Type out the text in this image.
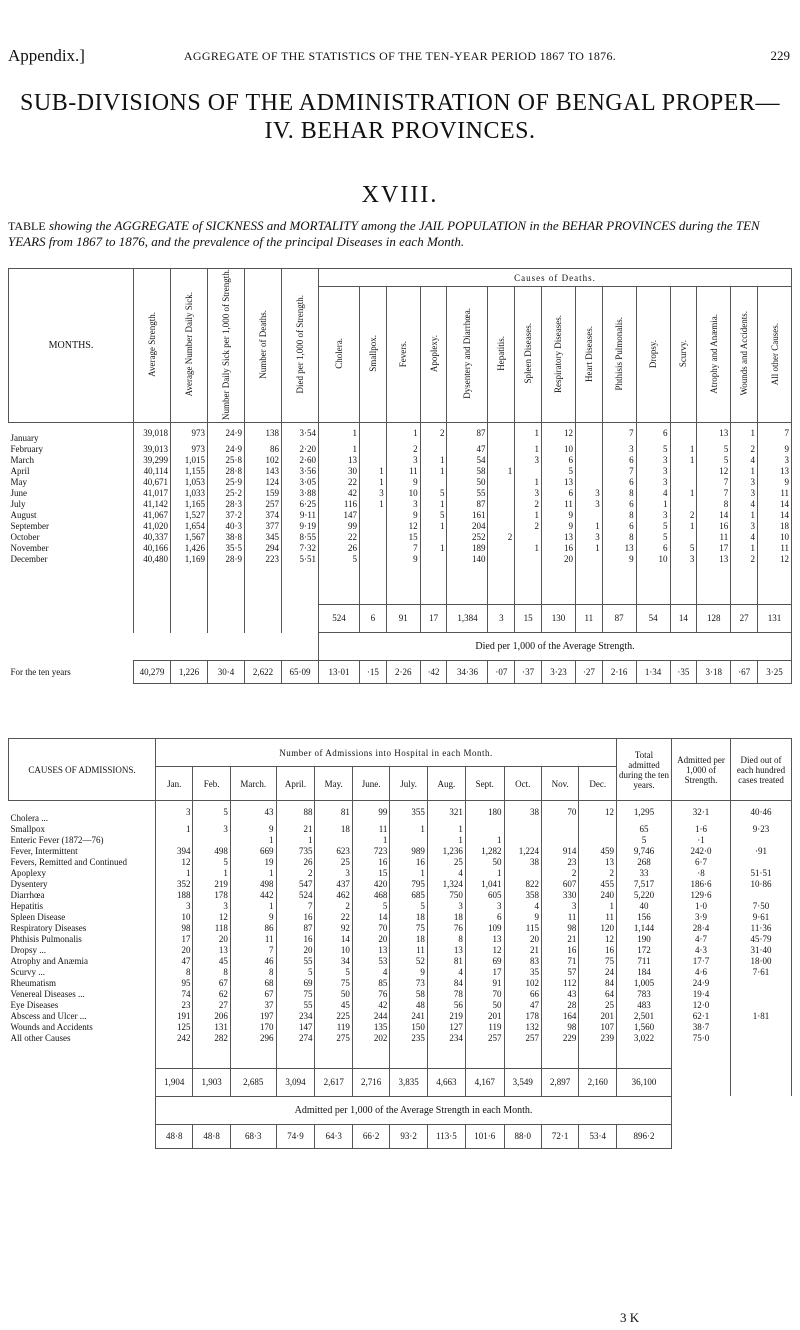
Appendix.]	AGGREGATE OF THE STATISTICS OF THE TEN-YEAR PERIOD 1867 TO 1876.	229
SUB-DIVISIONS OF THE ADMINISTRATION OF BENGAL PROPER—
IV. BEHAR PROVINCES.
XVIII.
TABLE showing the AGGREGATE of SICKNESS and MORTALITY among the JAIL POPULATION in the BEHAR PROVINCES during the TEN YEARS from 1867 to 1876, and the prevalence of the principal Diseases in each Month.
MONTHS.	Average Strength.	Average Number Daily Sick.	Number Daily Sick per 1,000 of Strength.	Number of Deaths.	Died per 1,000 of Strength.	Causes of Deaths.														
						Cholera.	Smallpox.	Fevers.	Apoplexy.	Dysentery and Diarrhœa.	Hepatitis.	Spleen Diseases.	Respiratory Diseases.	Heart Diseases.	Phthisis Pulmonalis.	Dropsy.	Scurvy.	Atrophy and Anæmia.	Wounds and Accidents.	All other Causes.
January	39,018	973	24·9	138	3·54	1		1	2	87		1	12		7	6		13	1	7
February	39,013	973	24·9	86	2·20	1		2		47		1	10		3	5	1	5	2	9
March	39,299	1,015	25·8	102	2·60	13		3	1	54		3	6		6	3	1	5	4	3
April	40,114	1,155	28·8	143	3·56	30	1	11	1	58	1		5		7	3		12	1	13
May	40,671	1,053	25·9	124	3·05	22	1	9		50		1	13		6	3		7	3	9
June	41,017	1,033	25·2	159	3·88	42	3	10	5	55		3	6	3	8	4	1	7	3	11
July	41,142	1,165	28·3	257	6·25	116	1	3	1	87		2	11	3	6	1		8	4	14
August	41,067	1,527	37·2	374	9·11	147		9	5	161		1	9		8	3	2	14	1	14
September	41,020	1,654	40·3	377	9·19	99		12	1	204		2	9	1	6	5	1	16	3	18
October	40,337	1,567	38·8	345	8·55	22		15		252	2		13	3	8	5		11	4	10
November	40,166	1,426	35·5	294	7·32	26		7	1	189		1	16	1	13	6	5	17	1	11
December	40,480	1,169	28·9	223	5·51	5		9		140			20		9	10	3	13	2	12

						524	6	91	17	1,384	3	15	130	11	87	54	14	128	27	131
						Died per 1,000 of the Average Strength.														
For the ten years	40,279	1,226	30·4	2,622	65·09	13·01	·15	2·26	·42	34·36	·07	·37	3·23	·27	2·16	1·34	·35	3·18	·67	3·25
CAUSES OF ADMISSIONS.	Number of Admissions into Hospital in each Month.												Total admitted during the ten years.	Admitted per 1,000 of Strength.	Died out of each hundred cases treated
	Jan.	Feb.	March.	April.	May.	June.	July.	Aug.	Sept.	Oct.	Nov.	Dec.			
Cholera ...	3	5	43	88	81	99	355	321	180	38	70	12	1,295	32·1	40·46
Smallpox	1	3	9	21	18	11	1	1					65	1·6	9·23
Enteric Fever (1872—76)			1	1		1		1	1				5	·1	
Fever, Intermittent	394	498	669	735	623	723	989	1,236	1,282	1,224	914	459	9,746	242·0	·91
Fevers, Remitted and Continued	12	5	19	26	25	16	16	25	50	38	23	13	268	6·7	
Apoplexy	1	1	1	2	3	15	1	4	1		2	2	33	·8	51·51
Dysentery	352	219	498	547	437	420	795	1,324	1,041	822	607	455	7,517	186·6	10·86
Diarrhœa	188	178	442	524	462	468	685	750	605	358	330	240	5,220	129·6	
Hepatitis	3	3	1	7	2	5	5	3	3	4	3	1	40	1·0	7·50
Spleen Disease	10	12	9	16	22	14	18	18	6	9	11	11	156	3·9	9·61
Respiratory Diseases	98	118	86	87	92	70	75	76	109	115	98	120	1,144	28·4	11·36
Phthisis Pulmonalis	17	20	11	16	14	20	18	8	13	20	21	12	190	4·7	45·79
Dropsy ...	20	13	7	20	10	13	11	13	12	21	16	16	172	4·3	31·40
Atrophy and Anæmia	47	45	46	55	34	53	52	81	69	83	71	75	711	17·7	18·00
Scurvy ...	8	8	8	5	5	4	9	4	17	35	57	24	184	4·6	7·61
Rheumatism	95	67	68	69	75	85	73	84	91	102	112	84	1,005	24·9	
Venereal Diseases ...	74	62	67	75	50	76	58	78	70	66	43	64	783	19·4	
Eye Diseases	23	27	37	55	45	42	48	56	50	47	28	25	483	12·0	
Abscess and Ulcer ...	191	206	197	234	225	244	241	219	201	178	164	201	2,501	62·1	1·81
Wounds and Accidents	125	131	170	147	119	135	150	127	119	132	98	107	1,560	38·7	
All other Causes	242	282	296	274	275	202	235	234	257	257	229	239	3,022	75·0	

	1,904	1,903	2,685	3,094	2,617	2,716	3,835	4,663	4,167	3,549	2,897	2,160	36,100		
	Admitted per 1,000 of the Average Strength in each Month.														
	48·8	48·8	68·3	74·9	64·3	66·2	93·2	113·5	101·6	88·0	72·1	53·4	896·2		
3 K
